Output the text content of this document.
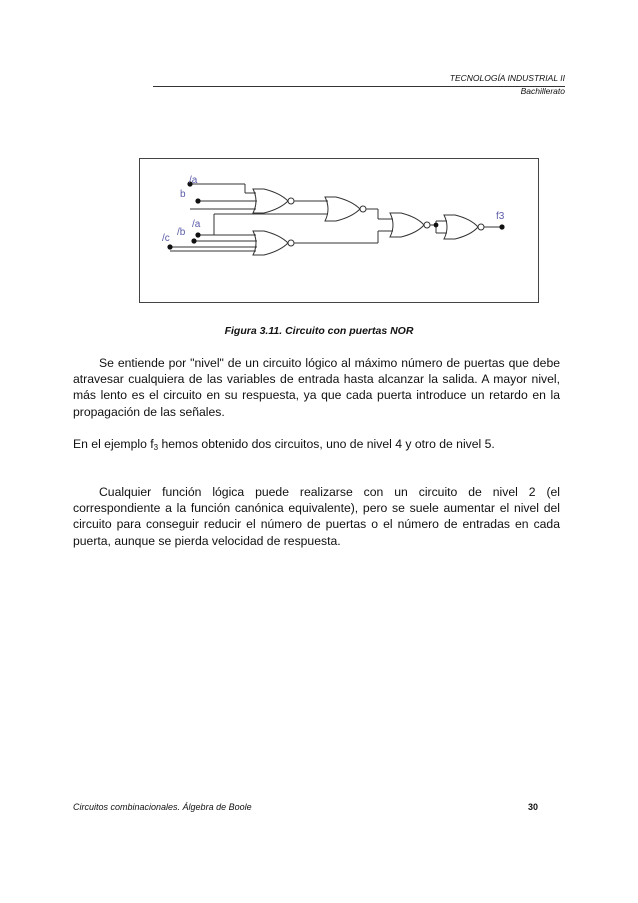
TECNOLOGÍA INDUSTRIAL II
Bachillerato
/a
b
/a
/b
/c
f3
Figura 3.11. Circuito con puertas NOR

Se entiende por "nivel" de un circuito lógico al máximo número de puertas que debe atravesar cualquiera de las variables de entrada hasta alcanzar la salida. A mayor nivel, más lento es el circuito en su respuesta, ya que cada puerta introduce un retardo en la propagación de las señales.

En el ejemplo $f_3$ hemos obtenido dos circuitos, uno de nivel 4 y otro de nivel 5.

Cualquier función lógica puede realizarse con un circuito de nivel 2 (el correspondiente a la función canónica equivalente), pero se suele aumentar el nivel del circuito para conseguir reducir el número de puertas o el número de entradas en cada puerta, aunque se pierda velocidad de respuesta.

Circuitos combinacionales. Álgebra de Boole	30
